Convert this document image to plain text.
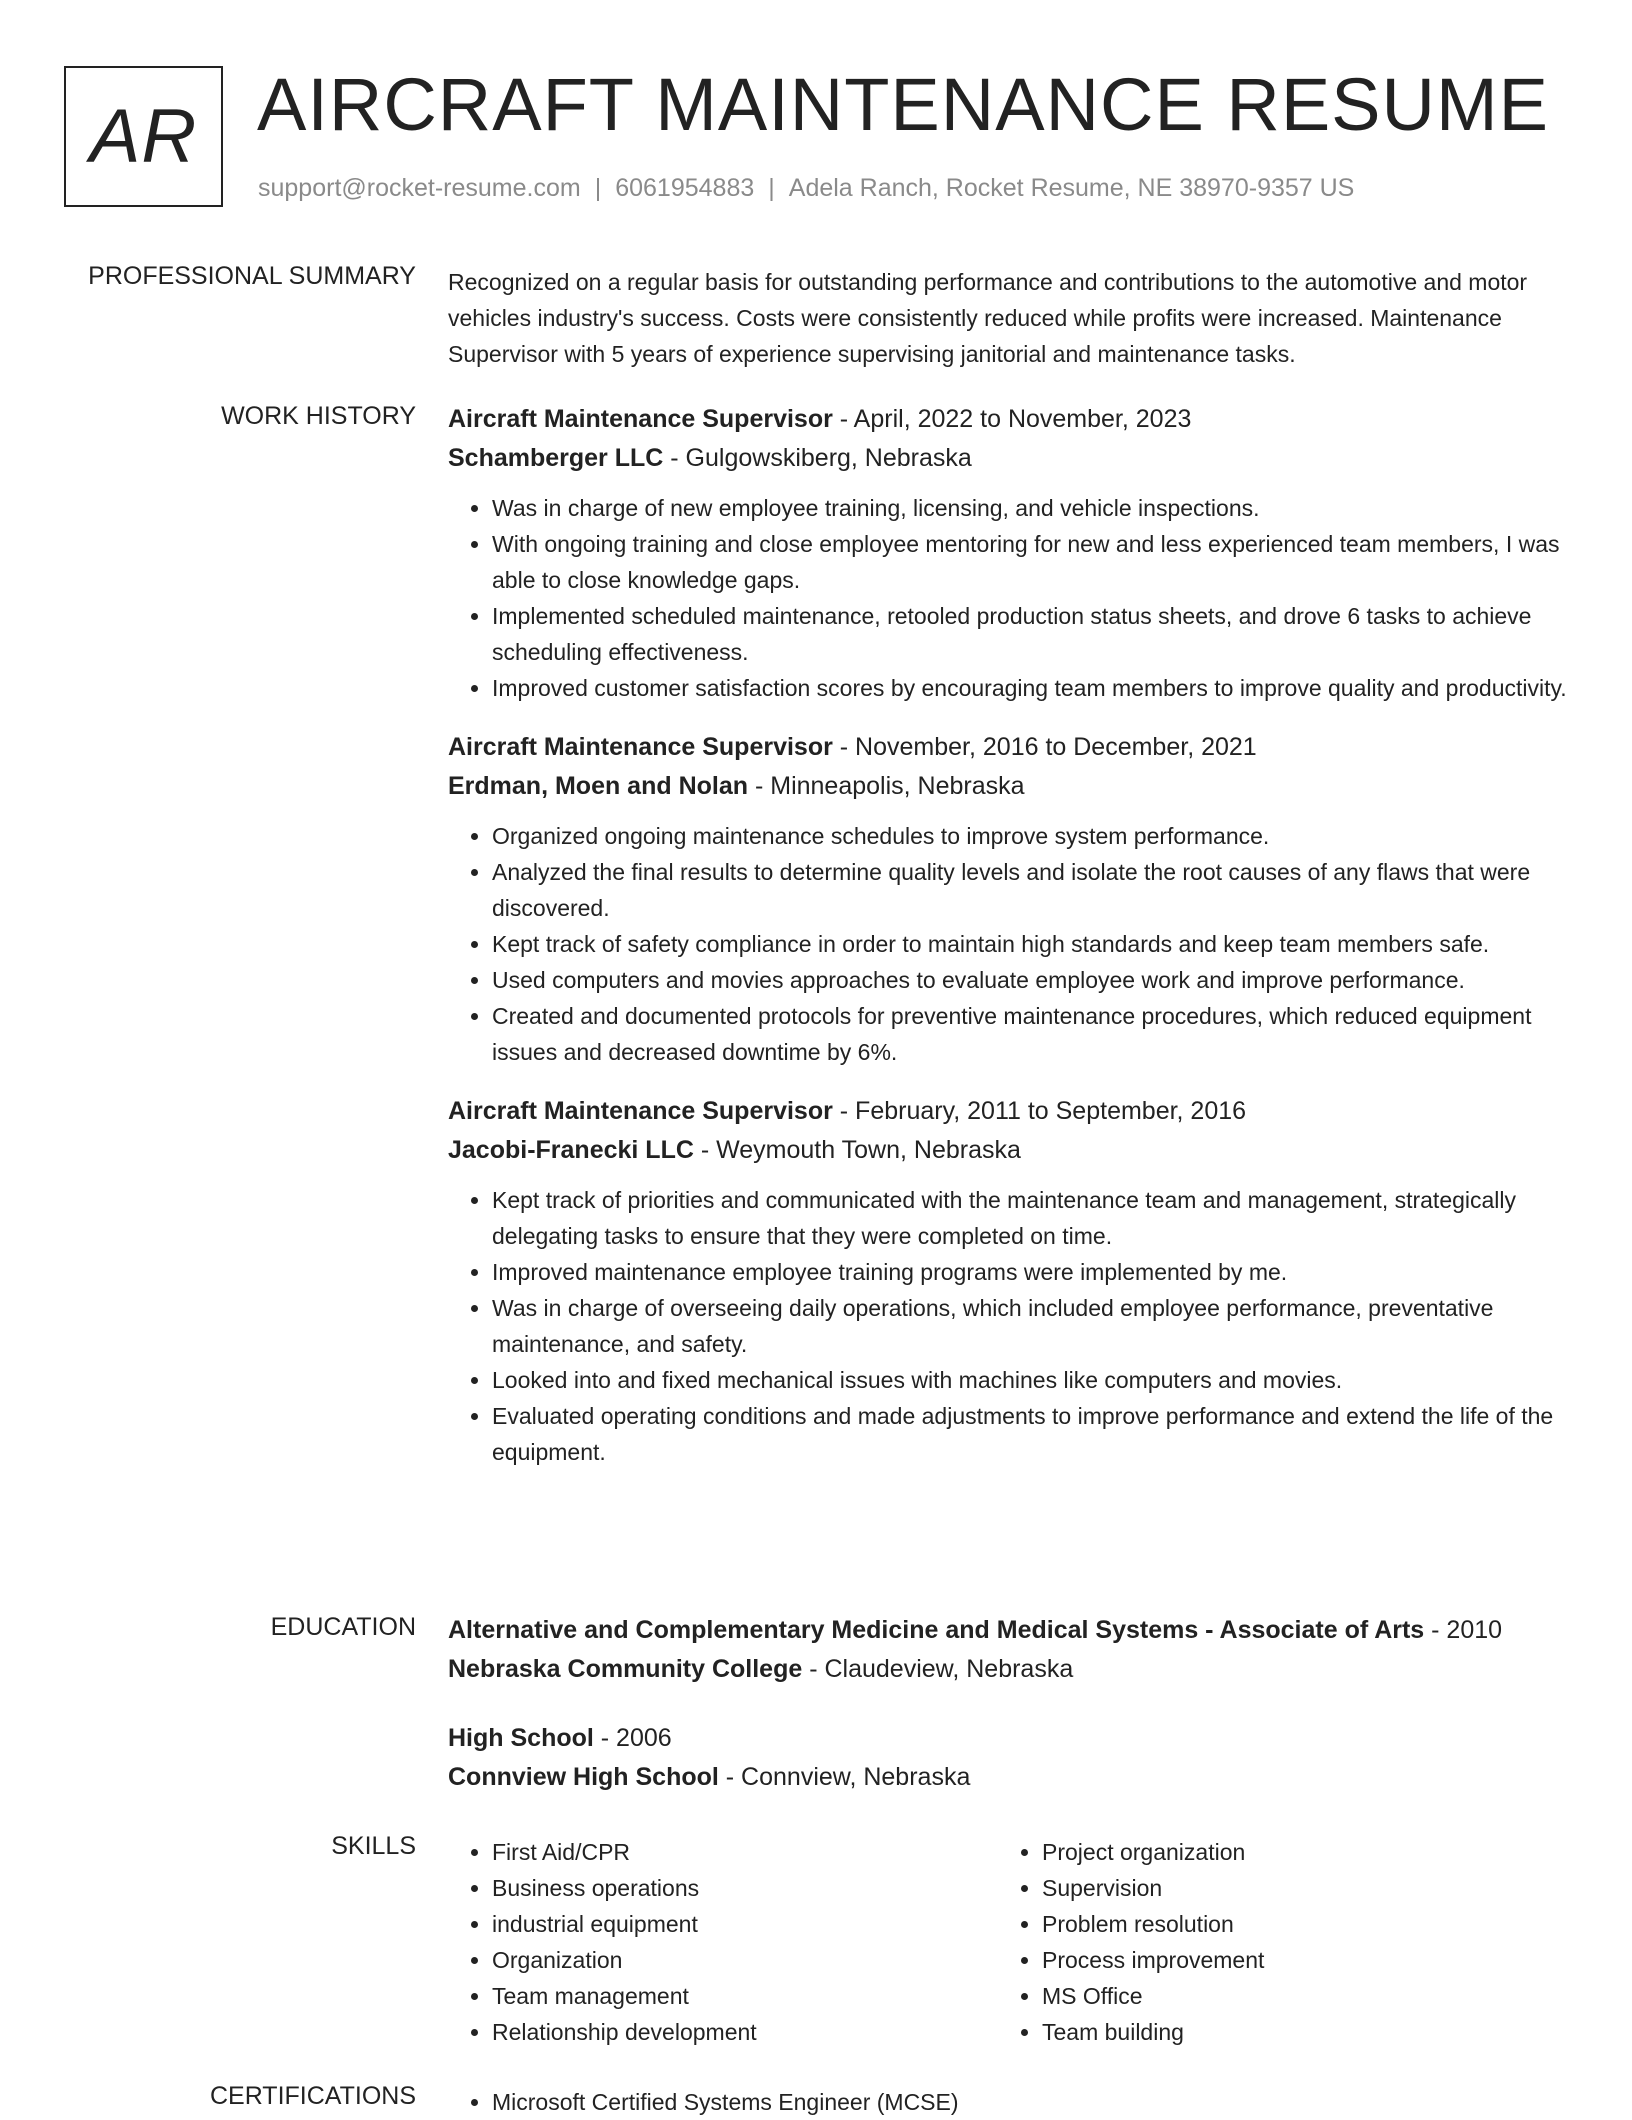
AR AIRCRAFT MAINTENANCE RESUME
support@rocket-resume.com | 6061954883 | Adela Ranch, Rocket Resume, NE 38970-9357 US
PROFESSIONAL SUMMARY Recognized on a regular basis for outstanding performance and contributions to the automotive and motor vehicles industry's success. Costs were consistently reduced while profits were increased. Maintenance Supervisor with 5 years of experience supervising janitorial and maintenance tasks.

WORK HISTORY Aircraft Maintenance Supervisor - April, 2022 to November, 2023
Schamberger LLC - Gulgowskiberg, Nebraska
• Was in charge of new employee training, licensing, and vehicle inspections.
• With ongoing training and close employee mentoring for new and less experienced team members, I was able to close knowledge gaps.
• Implemented scheduled maintenance, retooled production status sheets, and drove 6 tasks to achieve scheduling effectiveness.
• Improved customer satisfaction scores by encouraging team members to improve quality and productivity.
Aircraft Maintenance Supervisor - November, 2016 to December, 2021
Erdman, Moen and Nolan - Minneapolis, Nebraska
• Organized ongoing maintenance schedules to improve system performance.
• Analyzed the final results to determine quality levels and isolate the root causes of any flaws that were discovered.
• Kept track of safety compliance in order to maintain high standards and keep team members safe.
• Used computers and movies approaches to evaluate employee work and improve performance.
• Created and documented protocols for preventive maintenance procedures, which reduced equipment issues and decreased downtime by 6%.
Aircraft Maintenance Supervisor - February, 2011 to September, 2016
Jacobi-Franecki LLC - Weymouth Town, Nebraska
• Kept track of priorities and communicated with the maintenance team and management, strategically delegating tasks to ensure that they were completed on time.
• Improved maintenance employee training programs were implemented by me.
• Was in charge of overseeing daily operations, which included employee performance, preventative maintenance, and safety.
• Looked into and fixed mechanical issues with machines like computers and movies.
• Evaluated operating conditions and made adjustments to improve performance and extend the life of the equipment.
EDUCATION Alternative and Complementary Medicine and Medical Systems - Associate of Arts - 2010
Nebraska Community College - Claudeview, Nebraska
High School - 2006
Connview High School - Connview, Nebraska
SKILLS	• First Aid/CPR
• Business operations
• industrial equipment
• Organization
• Team management
• Relationship development
• Project organization
• Supervision
• Problem resolution
• Process improvement
• MS Office
• Team building
CERTIFICATIONS	• Microsoft Certified Systems Engineer (MCSE)
